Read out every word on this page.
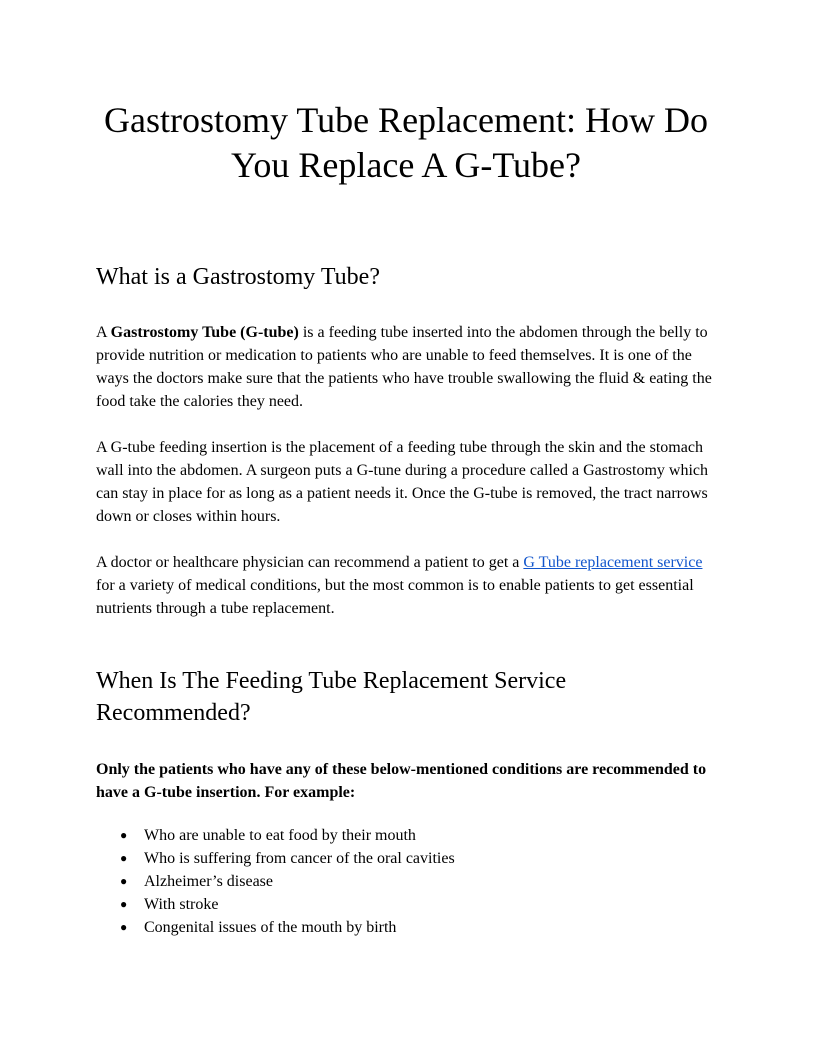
Gastrostomy Tube Replacement: How Do You Replace A G-Tube?
What is a Gastrostomy Tube?

A Gastrostomy Tube (G-tube) is a feeding tube inserted into the abdomen through the belly to provide nutrition or medication to patients who are unable to feed themselves. It is one of the ways the doctors make sure that the patients who have trouble swallowing the fluid & eating the food take the calories they need.

A G-tube feeding insertion is the placement of a feeding tube through the skin and the stomach wall into the abdomen. A surgeon puts a G-tune during a procedure called a Gastrostomy which can stay in place for as long as a patient needs it. Once the G-tube is removed, the tract narrows down or closes within hours.

A doctor or healthcare physician can recommend a patient to get a G Tube replacement service for a variety of medical conditions, but the most common is to enable patients to get essential nutrients through a tube replacement.

When Is The Feeding Tube Replacement Service Recommended?

Only the patients who have any of these below-mentioned conditions are recommended to have a G-tube insertion. For example:

● Who are unable to eat food by their mouth
● Who is suffering from cancer of the oral cavities
● Alzheimer’s disease
● With stroke
● Congenital issues of the mouth by birth
